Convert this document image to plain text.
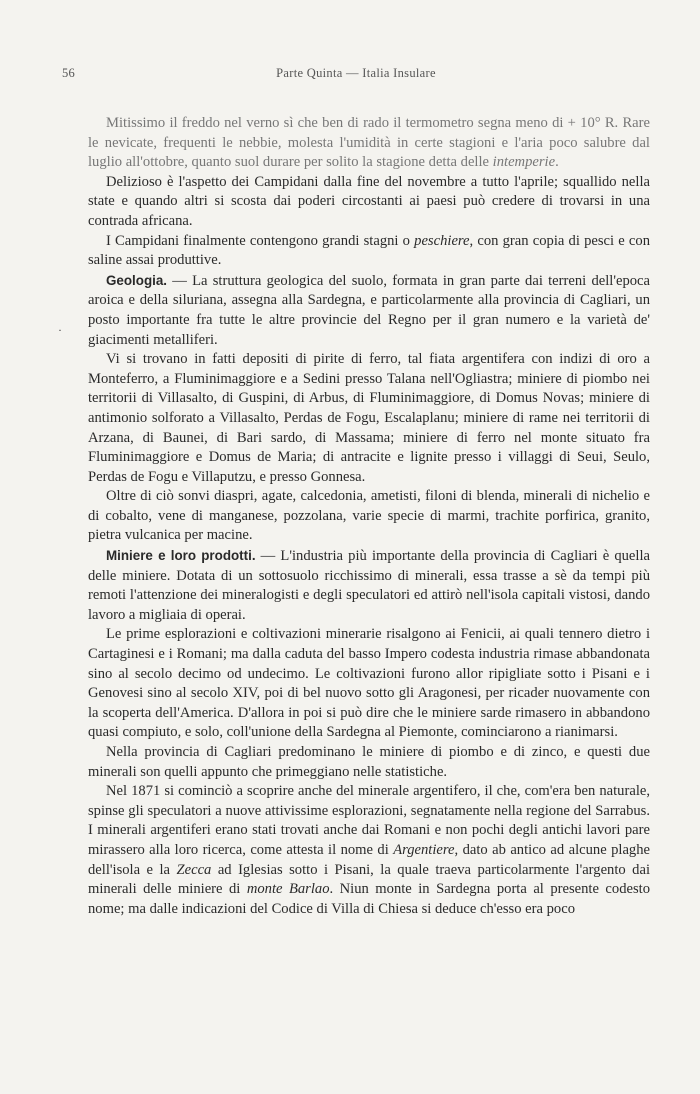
56	Parte Quinta — Italia Insulare
·

Mitissimo il freddo nel verno sì che ben di rado il termometro segna meno di + 10° R. Rare le nevicate, frequenti le nebbie, molesta l'umidità in certe stagioni e l'aria poco salubre dal luglio all'ottobre, quanto suol durare per solito la stagione detta delle intemperie.

Delizioso è l'aspetto dei Campidani dalla fine del novembre a tutto l'aprile; squallido nella state e quando altri si scosta dai poderi circostanti ai paesi può credere di trovarsi in una contrada africana.

I Campidani finalmente contengono grandi stagni o peschiere, con gran copia di pesci e con saline assai produttive.

Geologia. — La struttura geologica del suolo, formata in gran parte dai terreni dell'epoca aroica e della siluriana, assegna alla Sardegna, e particolarmente alla provincia di Cagliari, un posto importante fra tutte le altre provincie del Regno per il gran numero e la varietà de' giacimenti metalliferi.

Vi si trovano in fatti depositi di pirite di ferro, tal fiata argentifera con indizi di oro a Monteferro, a Fluminimaggiore e a Sedini presso Talana nell'Ogliastra; miniere di piombo nei territorii di Villasalto, di Guspini, di Arbus, di Fluminimaggiore, di Domus Novas; miniere di antimonio solforato a Villasalto, Perdas de Fogu, Escalaplanu; miniere di rame nei territorii di Arzana, di Baunei, di Bari sardo, di Massama; miniere di ferro nel monte situato fra Fluminimaggiore e Domus de Maria; di antracite e lignite presso i villaggi di Seui, Seulo, Perdas de Fogu e Villaputzu, e presso Gonnesa.

Oltre di ciò sonvi diaspri, agate, calcedonia, ametisti, filoni di blenda, minerali di nichelio e di cobalto, vene di manganese, pozzolana, varie specie di marmi, trachite porfirica, granito, pietra vulcanica per macine.

Miniere e loro prodotti. — L'industria più importante della provincia di Cagliari è quella delle miniere. Dotata di un sottosuolo ricchissimo di minerali, essa trasse a sè da tempi più remoti l'attenzione dei mineralogisti e degli speculatori ed attirò nell'isola capitali vistosi, dando lavoro a migliaia di operai.

Le prime esplorazioni e coltivazioni minerarie risalgono ai Fenicii, ai quali tennero dietro i Cartaginesi e i Romani; ma dalla caduta del basso Impero codesta industria rimase abbandonata sino al secolo decimo od undecimo. Le coltivazioni furono allor ripigliate sotto i Pisani e i Genovesi sino al secolo XIV, poi di bel nuovo sotto gli Aragonesi, per ricader nuovamente con la scoperta dell'America. D'allora in poi si può dire che le miniere sarde rimasero in abbandono quasi compiuto, e solo, coll'unione della Sardegna al Piemonte, cominciarono a rianimarsi.

Nella provincia di Cagliari predominano le miniere di piombo e di zinco, e questi due minerali son quelli appunto che primeggiano nelle statistiche.

Nel 1871 si cominciò a scoprire anche del minerale argentifero, il che, com'era ben naturale, spinse gli speculatori a nuove attivissime esplorazioni, segnatamente nella regione del Sarrabus. I minerali argentiferi erano stati trovati anche dai Romani e non pochi degli antichi lavori pare mirassero alla loro ricerca, come attesta il nome di Argentiere, dato ab antico ad alcune plaghe dell'isola e la Zecca ad Iglesias sotto i Pisani, la quale traeva particolarmente l'argento dai minerali delle miniere di monte Barlao. Niun monte in Sardegna porta al presente codesto nome; ma dalle indicazioni del Codice di Villa di Chiesa si deduce ch'esso era poco
